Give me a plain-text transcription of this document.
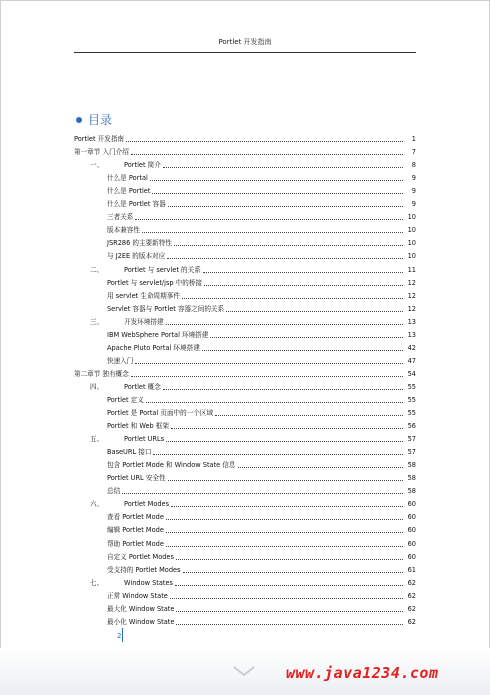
Portlet 开发指南
目录
Portlet 开发指南	1
第一章节 入门介绍	7
一、	Portlet 简介	8
什么是 Portal	9
什么是 Portlet	9
什么是 Portlet 容器	9
三者关系	10
版本兼容性	10
JSR286 的主要新特性	10
与 J2EE 的版本对应	10
二、	Portlet 与 servlet 的关系	11
Portlet 与 servlet/jsp 中的桥接	12
用 servlet 生命周期事件	12
Servlet 容器与 Portlet 容器之间的关系	12
三、	开发环境搭建	13
IBM WebSphere Portal 环境搭建	13
Apache Pluto Portal 环境搭建	42
快速入门	47
第二章节 独有概念	54
四、	Portlet 概念	55
Portlet 定义	55
Portlet 是 Portal 页面中的一个区域	55
Portlet 和 Web 框架	56
五、	Portlet URLs	57
BaseURL 接口	57
包含 Portlet Mode 和 Window State 信息	58
Portlet URL 安全性	58
总结	58
六、	Portlet Modes	60
查看 Portlet Mode	60
编辑 Portlet Mode	60
帮助 Portlet Mode	60
自定义 Portlet Modes	60
受支持的 Portlet Modes	61
七、	Window States	62
正常 Window State	62
最大化 Window State	62
最小化 Window State	62
2
www.java1234.com
